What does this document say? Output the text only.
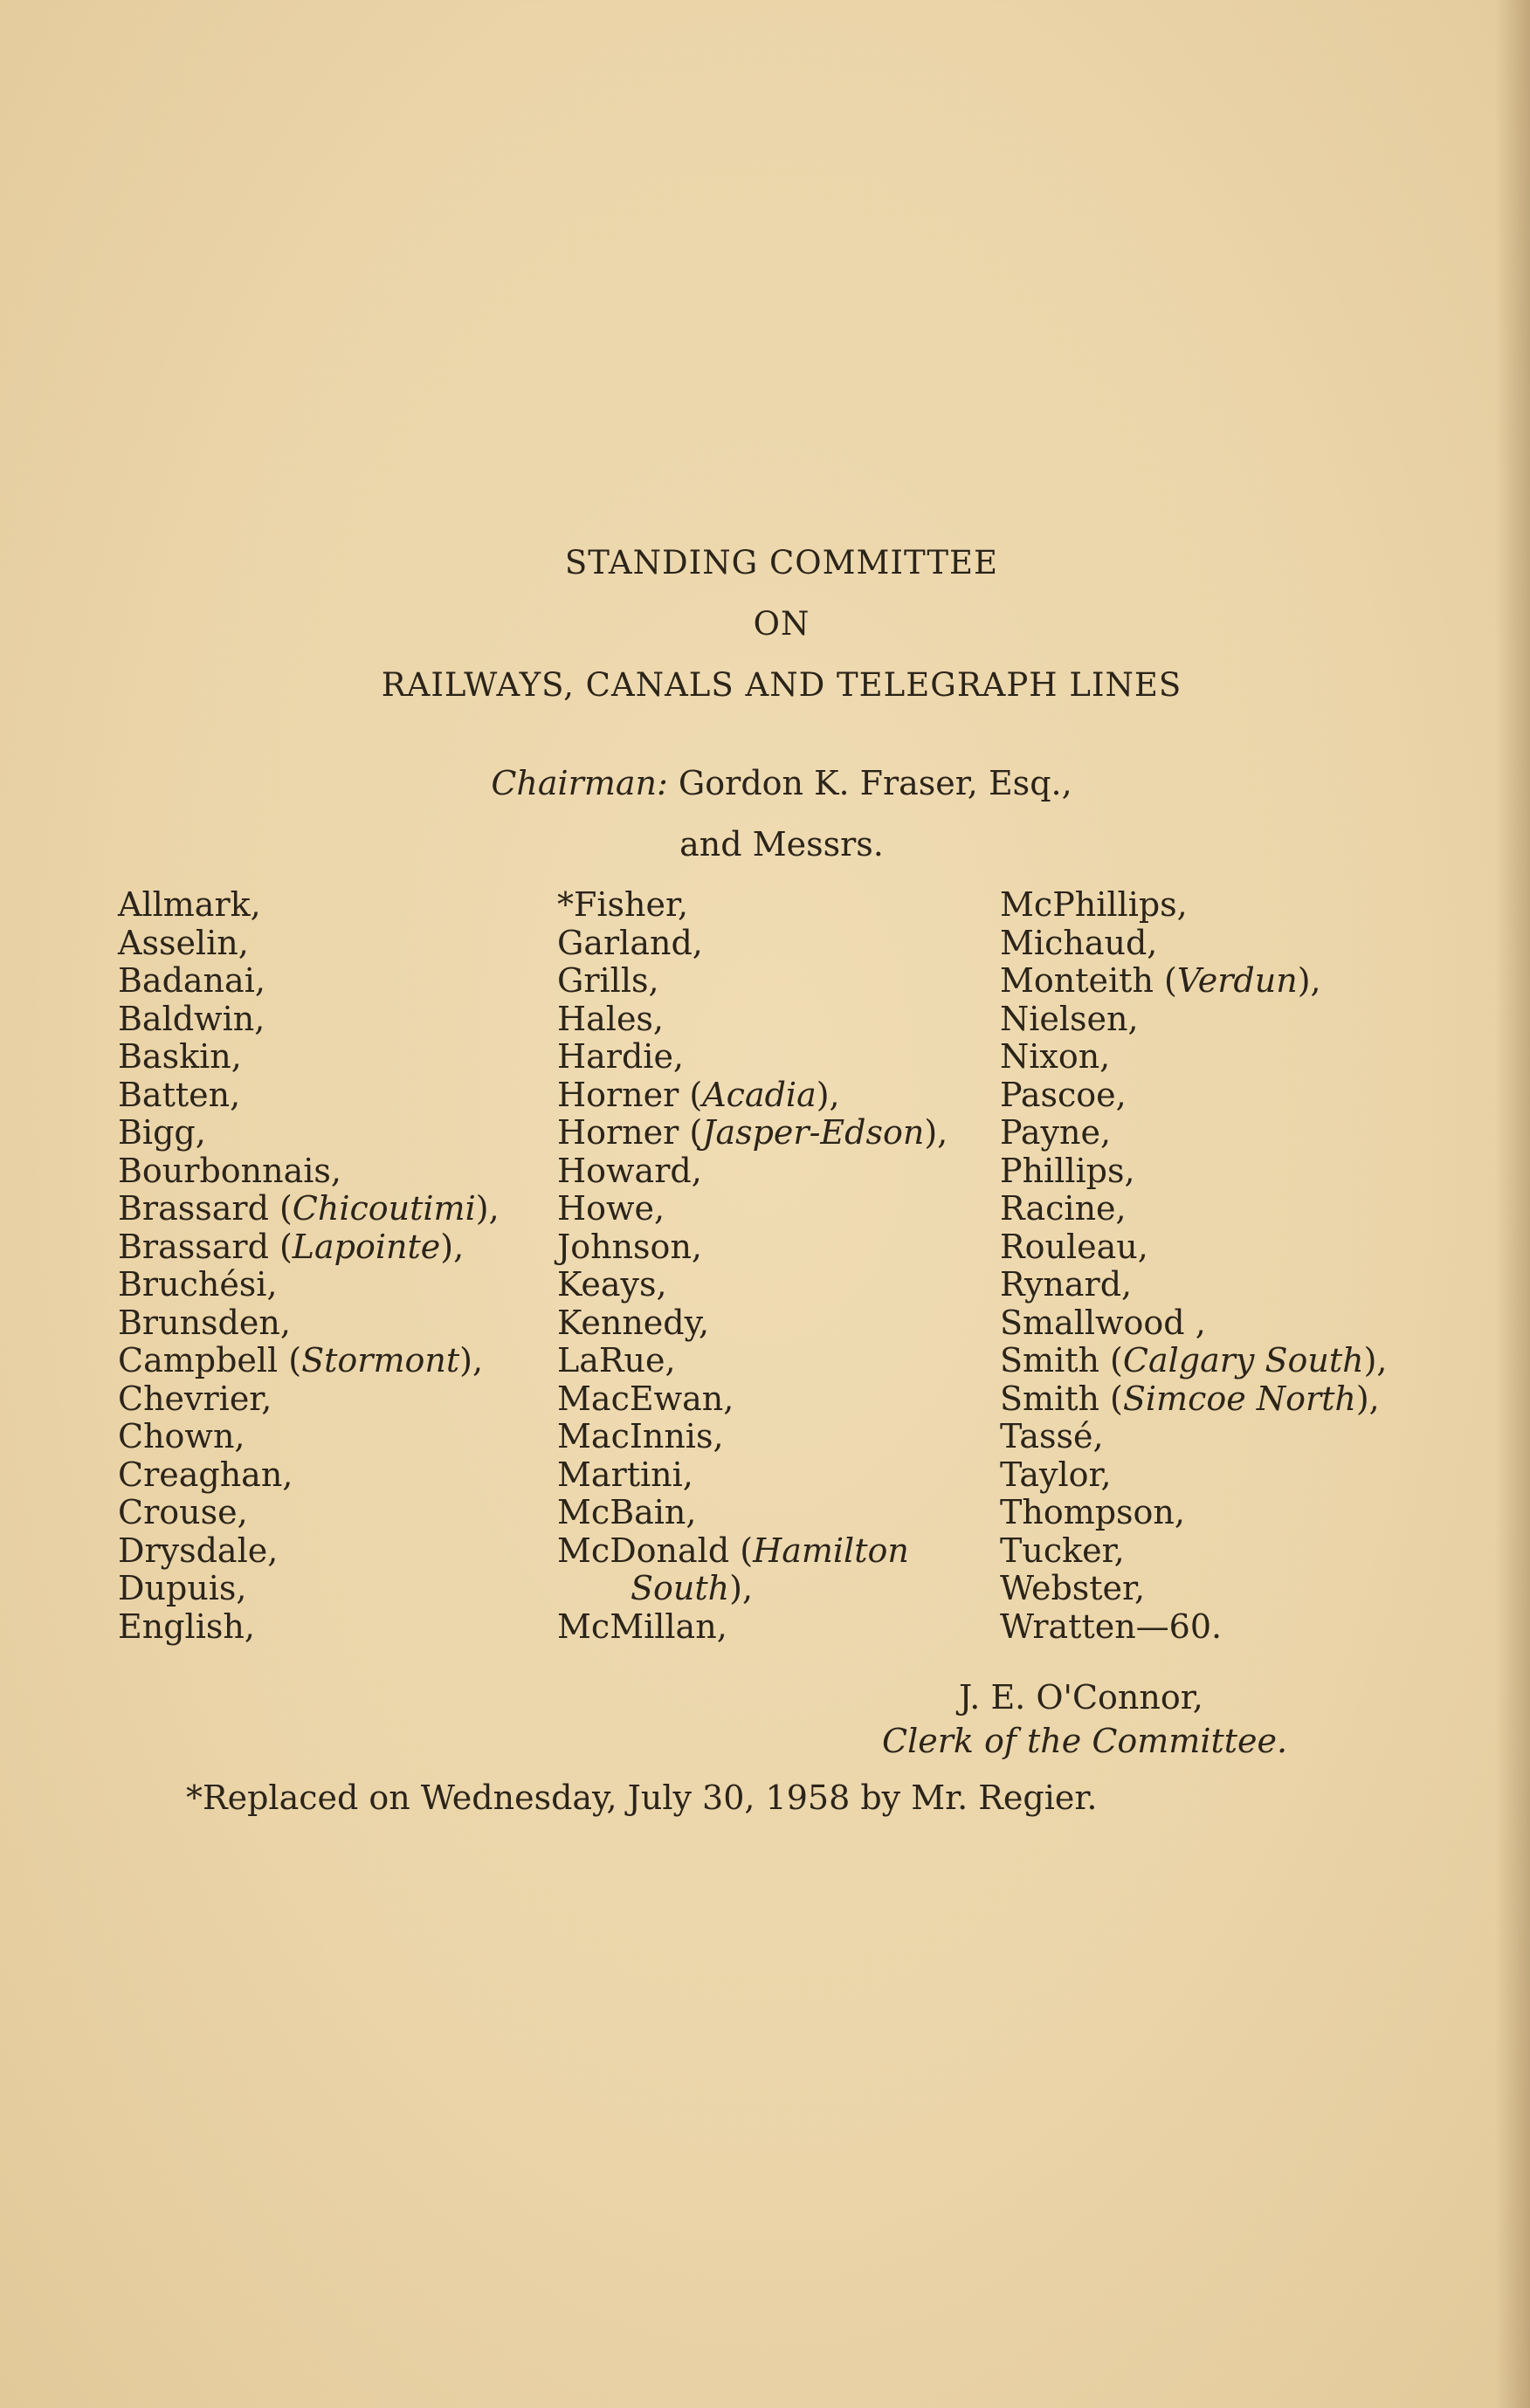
STANDING COMMITTEE
ON
RAILWAYS, CANALS AND TELEGRAPH LINES
Chairman: Gordon K. Fraser, Esq.,
and Messrs.
Allmark,
Asselin,
Badanai,
Baldwin,
Baskin,
Batten,
Bigg,
Bourbonnais,
Brassard (Chicoutimi),
Brassard (Lapointe),
Bruchési,
Brunsden,
Campbell (Stormont),
Chevrier,
Chown,
Creaghan,
Crouse,
Drysdale,
Dupuis,
English,
*Fisher,
Garland,
Grills,
Hales,
Hardie,
Horner (Acadia),
Horner (Jasper-Edson),
Howard,
Howe,
Johnson,
Keays,
Kennedy,
LaRue,
MacEwan,
MacInnis,
Martini,
McBain,
McDonald (Hamilton
South),
McMillan,
McPhillips,
Michaud,
Monteith (Verdun),
Nielsen,
Nixon,
Pascoe,
Payne,
Phillips,
Racine,
Rouleau,
Rynard,
Smallwood ,
Smith (Calgary South),
Smith (Simcoe North),
Tassé,
Taylor,
Thompson,
Tucker,
Webster,
Wratten—60.
J. E. O'Connor,
Clerk of the Committee.
*Replaced on Wednesday, July 30, 1958 by Mr. Regier.
